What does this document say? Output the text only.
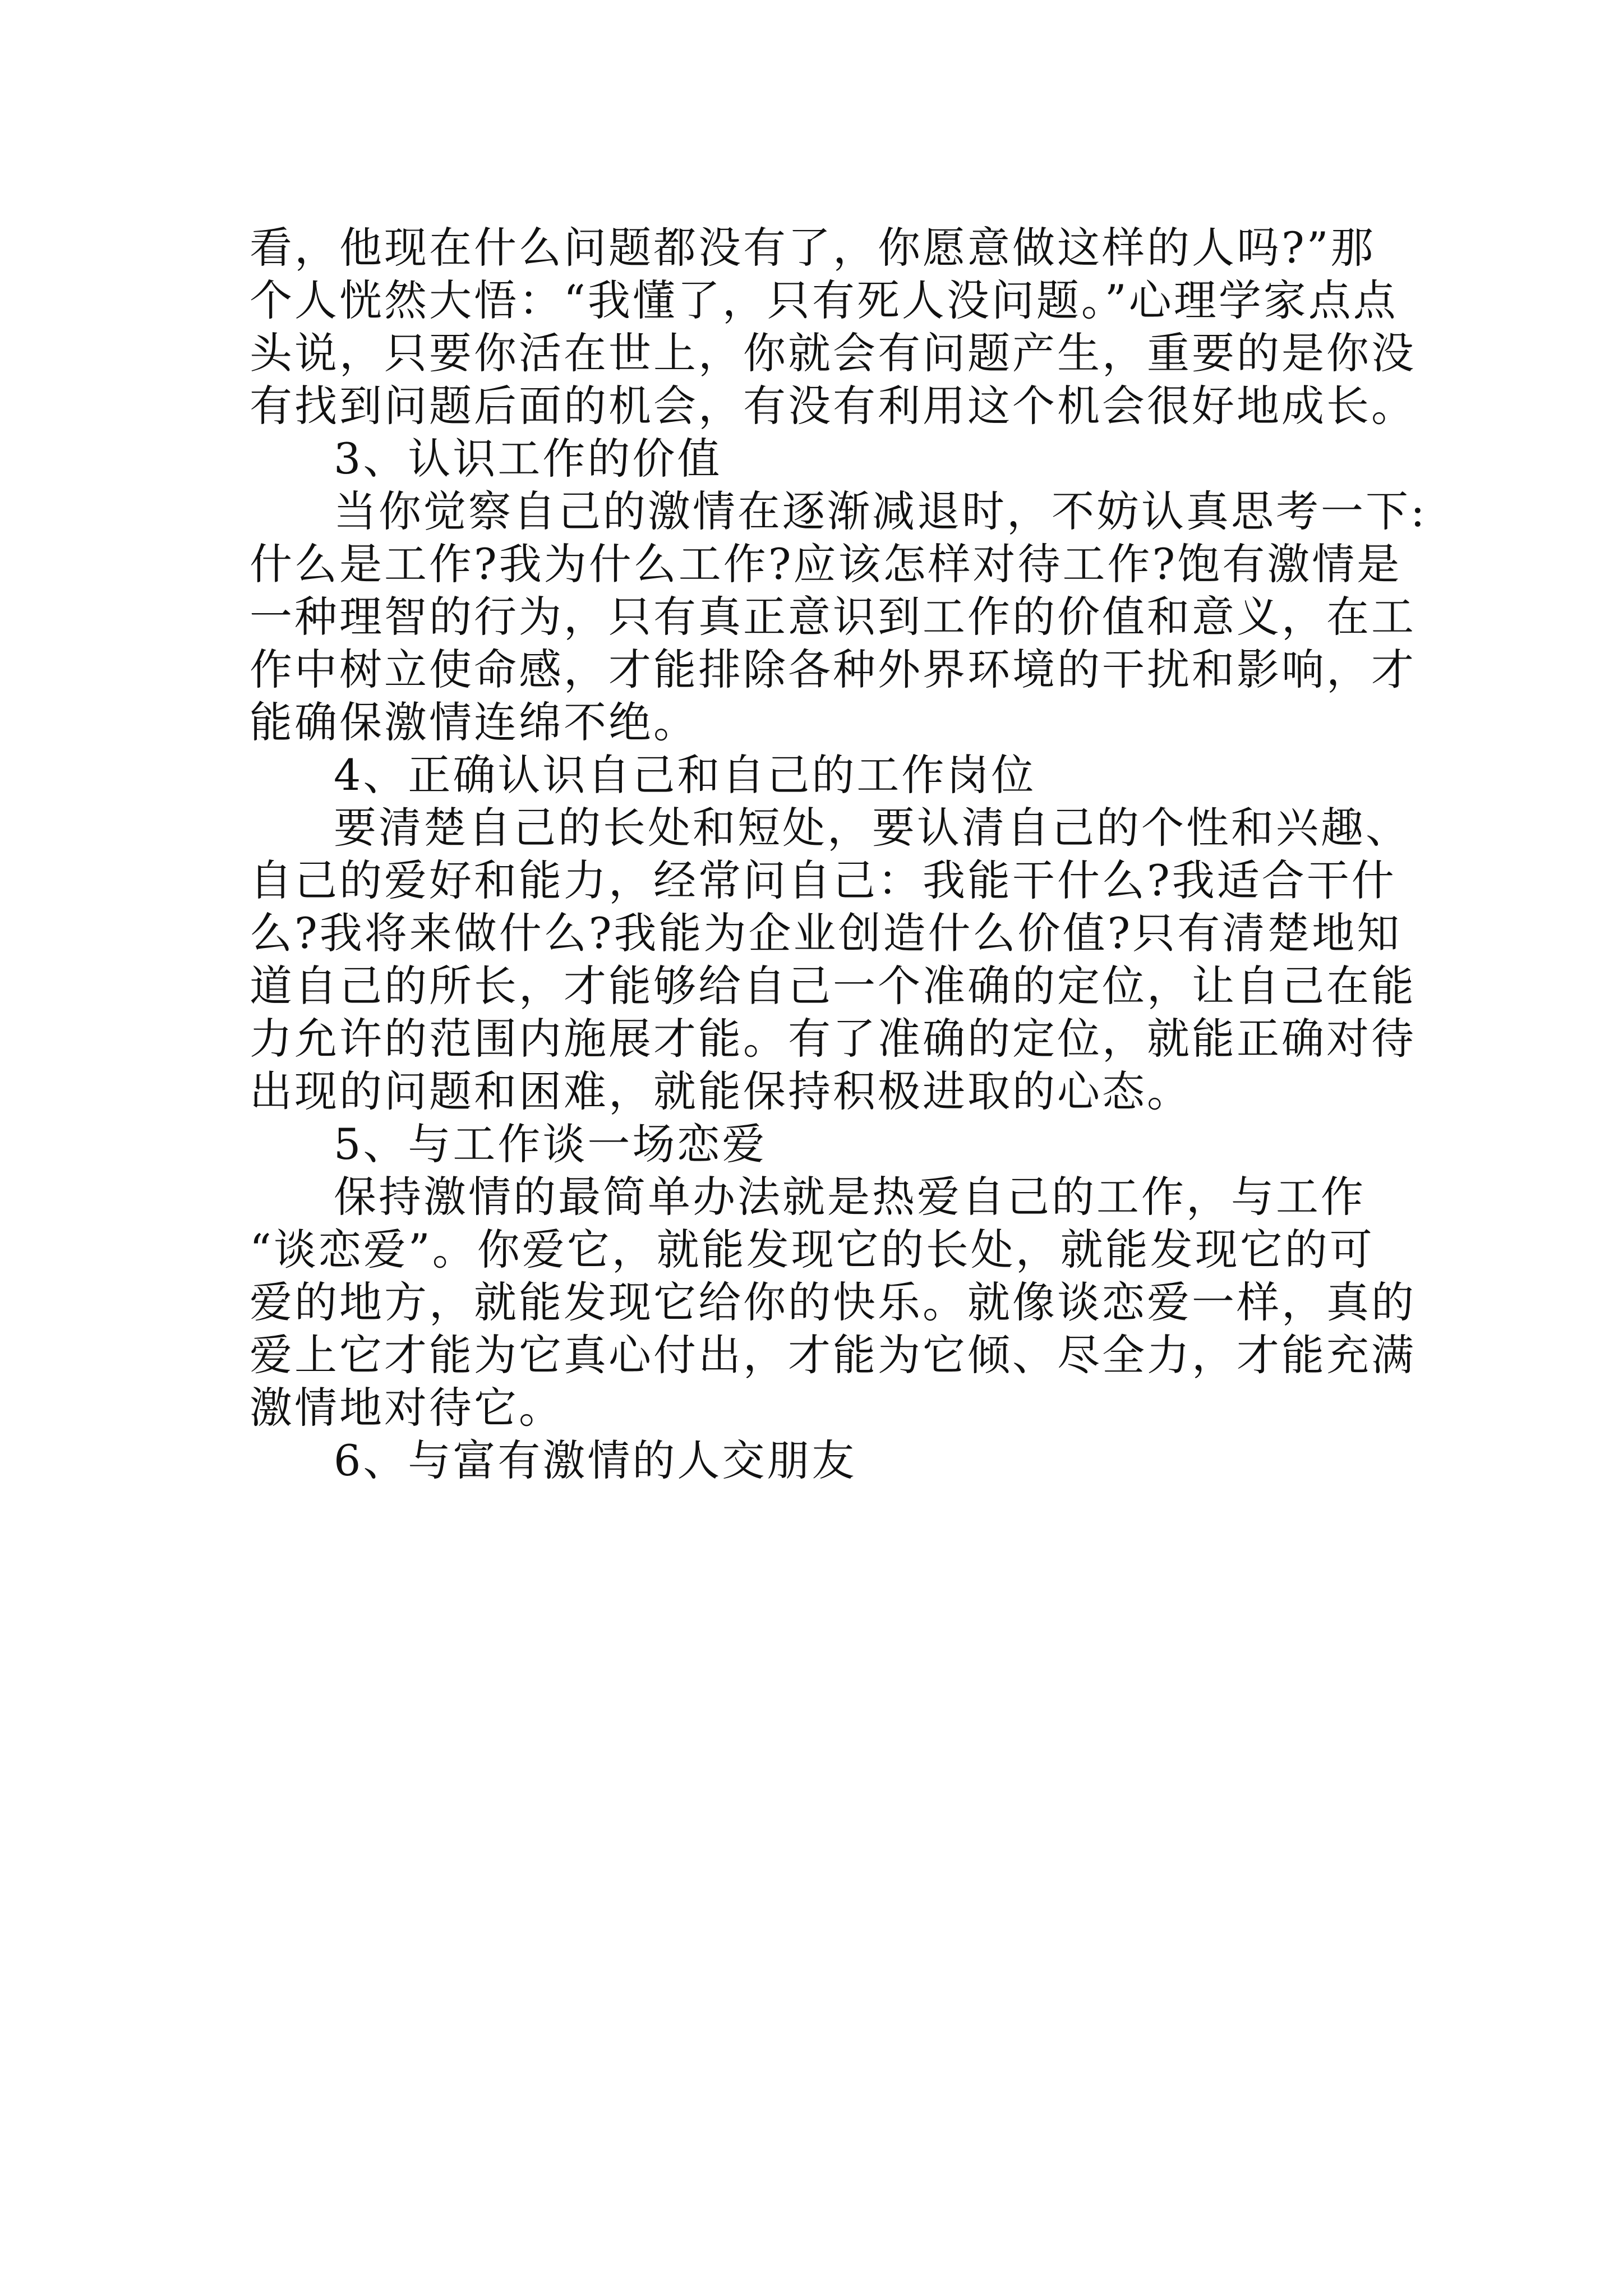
看，他现在什么问题都没有了，你愿意做这样的人吗?”那
个人恍然大悟：“我懂了，只有死人没问题。”心理学家点点
头说，只要你活在世上，你就会有问题产生，重要的是你没
有找到问题后面的机会，有没有利用这个机会很好地成长。
3、认识工作的价值
当你觉察自己的激情在逐渐减退时，不妨认真思考一下:
什么是工作?我为什么工作?应该怎样对待工作?饱有激情是
一种理智的行为，只有真正意识到工作的价值和意义，在工
作中树立使命感，才能排除各种外界环境的干扰和影响，才
能确保激情连绵不绝。
4、正确认识自己和自己的工作岗位
要清楚自己的长处和短处，要认清自己的个性和兴趣、
自己的爱好和能力，经常问自己：我能干什么?我适合干什
么?我将来做什么?我能为企业创造什么价值?只有清楚地知
道自己的所长，才能够给自己一个准确的定位，让自己在能
力允许的范围内施展才能。有了准确的定位，就能正确对待
出现的问题和困难，就能保持积极进取的心态。
5、与工作谈一场恋爱
保持激情的最简单办法就是热爱自己的工作，与工作
“谈恋爱”。你爱它，就能发现它的长处，就能发现它的可
爱的地方，就能发现它给你的快乐。就像谈恋爱一样，真的
爱上它才能为它真心付出，才能为它倾、尽全力，才能充满
激情地对待它。
6、与富有激情的人交朋友
